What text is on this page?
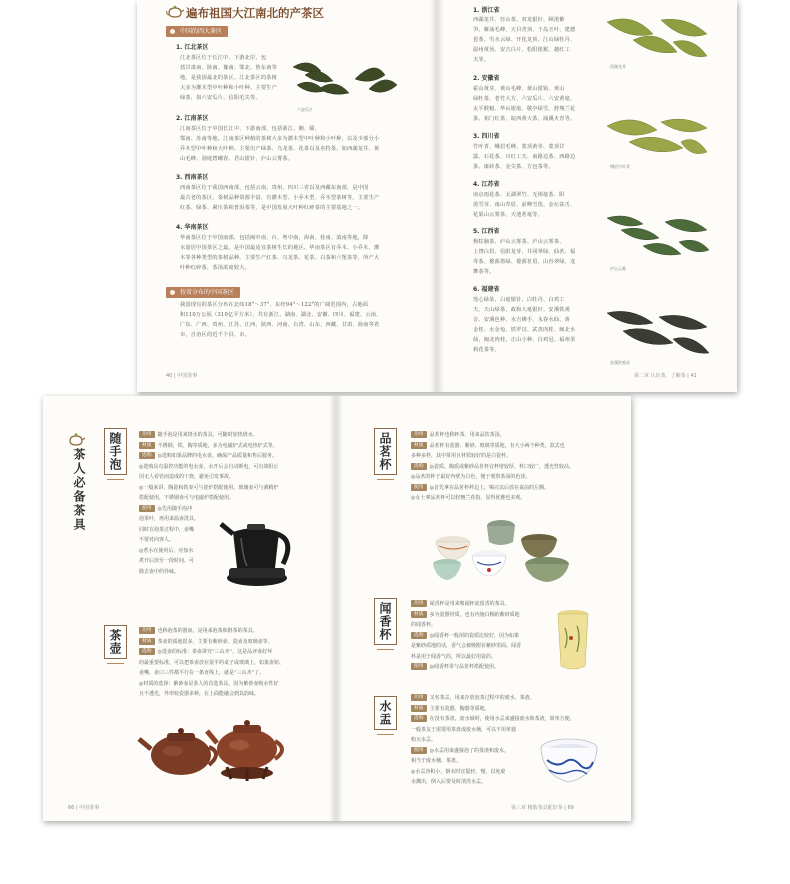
遍布祖国大江南北的产茶区
中国的四大茶区
1. 江北茶区
江北茶区位于长江中、下游北岸，包
括甘肃南、陕南、豫南、鄂北、鲁东南等
地。是我国最北的茶区。江北茶区的茶树
大多为灌木型中叶种和小叶种。主要生产
绿茶，如六安瓜片、信阳毛尖等。
六安瓜片
2. 江南茶区
江南茶区位于中国长江中、下游南部，包括浙江、湘、赣、
鄂南、苏南等地。江南茶区种植的茶树大多为灌木型中叶种和小叶种，以及少部分小
乔木型中叶种和大叶种。主要出产绿茶、乌龙茶、花茶以及名特茶，如西湖龙井、黄
山毛峰、洞庭碧螺春、君山银针、庐山云雾茶。
3. 西南茶区
西南茶区位于我国西南部，包括云南、贵州、四川三省以及西藏东南部，是中国
最古老的茶区。茶树品种资源丰富，有灌木型、小乔木型、乔木型茶树等。主要生产
红茶、绿茶、紧压茶和普洱茶等，是中国发展大叶种红碎茶的主要基地之一。
4. 华南茶区
华南茶区位于中国南部，包括闽中南、台、粤中南、海南、桂南、滇南等地，降
水量居中国茶区之最。是中国最适宜茶树生长的地区。华南茶区有乔木、小乔木、灌
木等各种类型的茶树品种。主要生产红茶、乌龙茶、花茶、白茶和六堡茶等，所产大
叶种红碎茶，茶汤浓度较大。
按省分布的中国茶区
我国现有的茶区分布在北纬18°～37°、东经94°～122°的广阔范围内，占地面
积110万公顷（310亿平方米），共有浙江、湖南、湖北、安徽、四川、福建、云南、
广东、广西、贵州、江苏、江西、陕西、河南、台湾、山东、西藏、甘肃、海南等省
市、自治区的近千个县、市。
40 | 中国茶事
1. 浙江省
西湖龙井、径山茶、双龙银针、顾渚紫
笋、雁荡毛峰、天目青顶、千岛玉叶、建德
苞茶、雪水云绿、开化龙顶、江山绿牡丹、
温州黄汤、安吉白片、松阳银猴、越红工
夫等。
2. 安徽省
霍山黄芽、黄山毛峰、黄山银钩、黄山
绿牡茶、老竹大方、六安瓜片、六安黄毫、
太平猴魁、华山银毫、敬亭绿雪、舒城兰花
茶、祁门红茶、皖西黄大茶、涌溪火青等。
3. 四川省
竹叶青、峨眉毛峰、蒙顶黄芽、蒙顶甘
露、石花茶、川红工夫、南路边茶、西路边
茶、康砖茶、金尖茶、方包茶等。
4. 江苏省
南京雨花茶、太湖翠竹、无锡毫茶、阳
羡雪芽、南山寿眉、前峰雪莲、金坛雀舌、
花果山云雾茶、天池茗毫等。
5. 江西省
狗牯脑茶、庐山云雾茶、庐山云雾茶、
上饶白眉、信阳龙芽、井冈翠绿、仙茗、福
寿茶、婺源墨绿、婺源茗眉、山谷翠绿、龙
舞茶等。
6. 福建省
莲心绿茶、白毫银针、白牡丹、白鸡工
夫、天山绿茶、政和大毫银针、安溪铁观
音、安溪色种、水吉佛手、永春水仙、黄
金桂、水金龟、铁罗汉、武夷肉桂、闽北水
仙、闽北肉桂、正山小种、白鸡冠、福州茉
莉花茶等。
西湖龙井
峨眉竹叶青
庐山云雾
安溪铁观音
第二章 认识茶，了解茶 | 41
茶人必备茶具	随手泡	功用 随手泡是用来烧水的茶具，可随时加热烧水。
材质 不锈钢、铁、陶等质地，多为电磁炉式或电热炉式等。
选购 ◎选购如果品牌的电水壶，确保产品质量和售后服务。
◎选购具有温控功能的电水壶，水开后会自动断电，可有效阻止
因无人看管而造成的干烧，避免引发事故。
◎一般来讲，陶瓷和铁壶可与瓷炉搭配使用，玻璃壶可与酒精炉
搭配使用，不锈钢壶可与电磁炉搭配使用。
使用 ◎先用随手泡冲
泡茶叶，再用来温壶洗具。
同时在泡茶过程中，壶嘴
不要对向客人。
◎煮水在使用后，应加水
煮开后放至一段时间，可
除去壶中的异味。
茶壶	功用 也称泡茶的器皿，是用来泡茶和斟茶的茶具。
材质 茶壶的质地很多，主要有紫砂壶、瓷壶及玻璃壶等。
选购 ◎选壶的标准：茶壶讲究“三山齐”，这是品评壶好坏
的最重要标准。可以把茶壶放在很平的桌子或玻璃上，如果壶钮、
壶嘴、壶口三件都平行在一条直线上，就是“三山齐”了。
◎材质的选择：紫砂壶是茶人的首选茶具，因为紫砂壶吸水性好
且不透光，外形较瓷器多种，在上面能融会到其韵味。
66 | 中国茶事
品茗杯	功用 品茗杯也称杯茶，用来品饮茶汤。
材质 品茗杯有瓷器、紫砂、玻璃等质地，有大小两个种类，款式也
多种多样，其中常用且材质较好的是白瓷杯。
选购 ◎瓷质、陶质或紫砂品茗杯宜杯壁较厚，杯口较广，透光性较高。
◎品茗的杯子最好内壁为白色，便于观察茶汤的色泽。
使用 ◎首先拿在品茗杯杯边上，喝完以后放在桌前的左侧。
◎女士拿品茗杯可以轻翘兰花指，显得优雅也美观。
闻香杯	功用 闻香杯是用来嗅闻杯底留香的茶具。
材质 多为瓷器材质，也有内施白釉的紫砂质地
的闻香杯。
选购 ◎闻香杯一般用的瓷质比较好，因为如果
是紫砂质地的话，香气会被吸附在紫砂里面。闻香
杯是用于闻香气的，所以最好用瓷的。
使用 ◎闻香杯常与品茗杯搭配使用。
水盂
功用 又名茶盂，用来存放泡茶过程中的废水、茶渣。
材质 主要有瓷器、陶器等质地。
选购 在没有茶盘，废水倾时，使用水盂来盛接废水和茶渣，简单方便，
一般茶友于需要用茶盘或废水桶，可以不用单独
购买水盂。
使用 ◎水盂用来盛接泡了的茶渣和废水，
相当于废水桶、茶盘。
◎水盂容积小，倒水时宜提轻，慢，以免废
水溅出，倒入后要及时清洗水盂。
第三章 精致茶具配好茶 | 69
